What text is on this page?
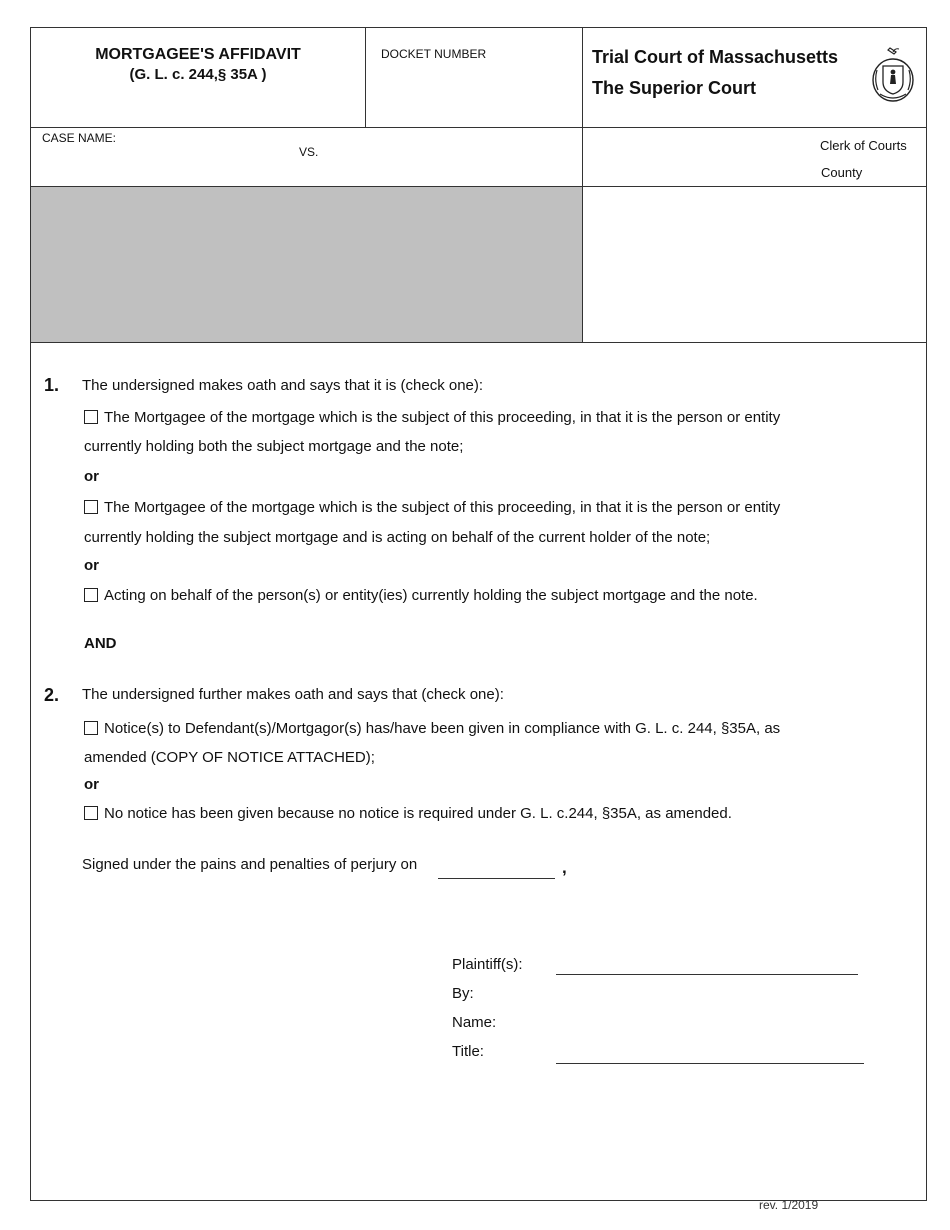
MORTGAGEE'S AFFIDAVIT
(G. L. c. 244,§ 35A )
DOCKET NUMBER	Trial Court of Massachusetts
The Superior Court
CASE NAME:
VS.	Clerk of Courts
County
1. The undersigned makes oath and says that it is (check one):
The Mortgagee of the mortgage which is the subject of this proceeding, in that it is the person or entity
currently holding both the subject mortgage and the note;
or
The Mortgagee of the mortgage which is the subject of this proceeding, in that it is the person or entity
currently holding the subject mortgage and is acting on behalf of the current holder of the note;
or
Acting on behalf of the person(s) or entity(ies) currently holding the subject mortgage and the note.
AND
2. The undersigned further makes oath and says that (check one):
Notice(s) to Defendant(s)/Mortgagor(s) has/have been given in compliance with G. L. c. 244, §35A, as
amended (COPY OF NOTICE ATTACHED);
or
No notice has been given because no notice is required under G. L. c.244, §35A, as amended.
Signed under the pains and penalties of perjury on	,
Plaintiff(s):
By:
Name:
Title:
rev. 1/2019
